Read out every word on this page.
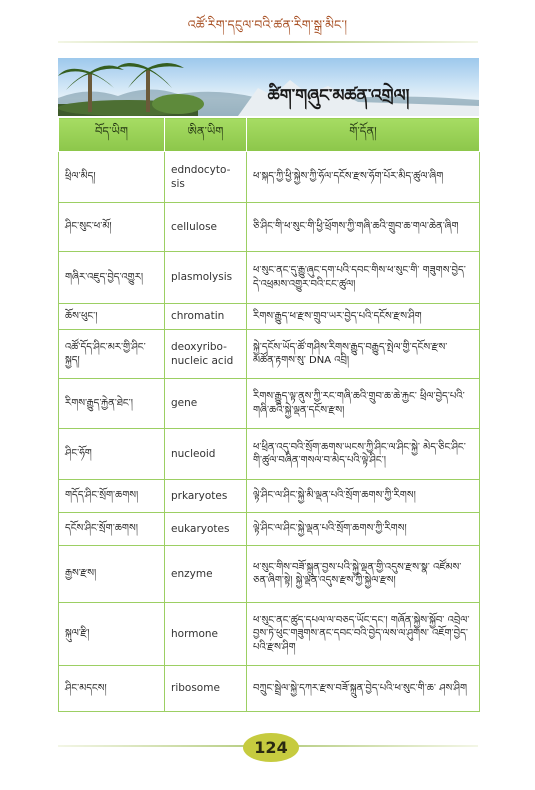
འཚོ་རིག་དངུལ་བའི་ཚན་རིག་སྒྲ་མིང་།
ཚིག་གཞུང་མཚན་འགྲེལ།
བོད་ཡིག	ཨིན་ཡིག	གོ་དོན།
ཕྲིལ་མིད།	edndocyto-sis	ཕ་སྐད་ཀྱི་ཕྱི་སྐྱེས་ཀྱི་ཧོལ་དངོས་རྫས་ཧོག་པོར་མིད་ཚུལ་ཞིག
ཤིང་སུང་ཕ་མོ།	cellulose	ཅི་ཤིང་གི་ཕ་སུང་གི་ཕྱི་ཕྲོགས་ཀྱི་གཞི་ཆའི་གྲུབ་ཆ་གལ་ཆེན་ཞིག
གཞིར་འཇུད་བྱེད་འགྱུར།	plasmolysis	ཕ་སུང་ནང་དུ་རྒྱུ་ཞུང་དག་པའི་དབང་གིས་ཕ་སུང་གི་ གཟུགས་བྱེད་དེ་འཕྲམས་འགྱུར་བའི་ངང་ཚུལ།
ཆོས་ཕུང་།	chromatin	རིགས་རྒྱུད་ཕ་རྫས་གྲུབ་ཡར་བྱེད་པའི་དངོས་རྫས་ཤིག
འཚོ་དོད་ཤིང་མར་གྱི་ཤིང་སྐྱད།	deoxyribo-nucleic acid	སྐྱེ་དངོས་ཡོད་ཚོ་གཤིས་རིགས་རྒྱུད་བརྒྱུད་སྤེལ་གྱི་དངོས་རྫས་ མཚོན་རྟགས་སུ་ DNA འབྲི།
རིགས་རྒྱུད་རྐྱེན་ཐེང་།	gene	རིགས་རྒྱུད་ལྟ་ནུས་ཀྱི་རང་གཞི་ཆའི་གྲུབ་ཆ་ཆེ་རྐྱང་ ཕྲིལ་བྱེད་པའི་གཞི་ཆའི་སྐྱེ་ལྡན་དངོས་རྫས།
ཤིང་ཧོག	nucleoid	ཕ་ཕྲིན་འདུ་བའི་སྲོག་ཆགས་ཡངས་ཀྱི་ཤིང་ལ་ཤིང་སྐྱེ་ མེད་ཅིང་ཤིང་གི་ཚུལ་བཞིན་གསལ་བ་མེད་པའི་ལྟེ་ཤིང་།
གདོད་ཤིང་སྲོག་ཆགས།	prkaryotes	ལྟེ་ཤིང་ལ་ཤིང་སྐྱེ་མི་ལྡན་པའི་སྲོག་ཆགས་ཀྱི་རིགས།
དངོས་ཤིང་སྲོག་ཆགས།	eukaryotes	ལྟེ་ཤིང་ལ་ཤིང་སྐྱེ་ལྡན་པའི་སྲོག་ཆགས་ཀྱི་རིགས།
རྒྱས་རྫས།	enzyme	ཕ་སུང་གིས་བཟོ་སྐྲུན་བྱས་པའི་སྐྱེ་ལྡན་གྱི་འདུས་རྫས་སྣ་ འཛོམས་ཅན་ཞིག་སྟེ། སྐྱེ་ལྡན་འདུས་རྫས་ཀྱི་སྐྱེལ་རྫས།
སྐུལ་རྫི།	hormone	ཕ་སུང་ནང་ཚུད་དཔལ་ལ་བཅད་ཡོང་དང་། གཞོན་སྐྱེས་སྐྱོབ་ འབྲེལ་བྱས་ཏེ་ཕུང་གཟུགས་ནང་དབང་བའི་བྱེད་ལས་ལ་ཤུགས་ འཇོག་བྱེད་པའི་རྫས་ཤིག
ཤིང་མདངས།	ribosome	བཀྲུང་སྦྲེལ་སྐྱེ་དཀར་རྫས་བཟོ་སྐྲུན་བྱེད་པའི་ཕ་སུང་གི་ཆ་ ཤས་ཤིག
124
